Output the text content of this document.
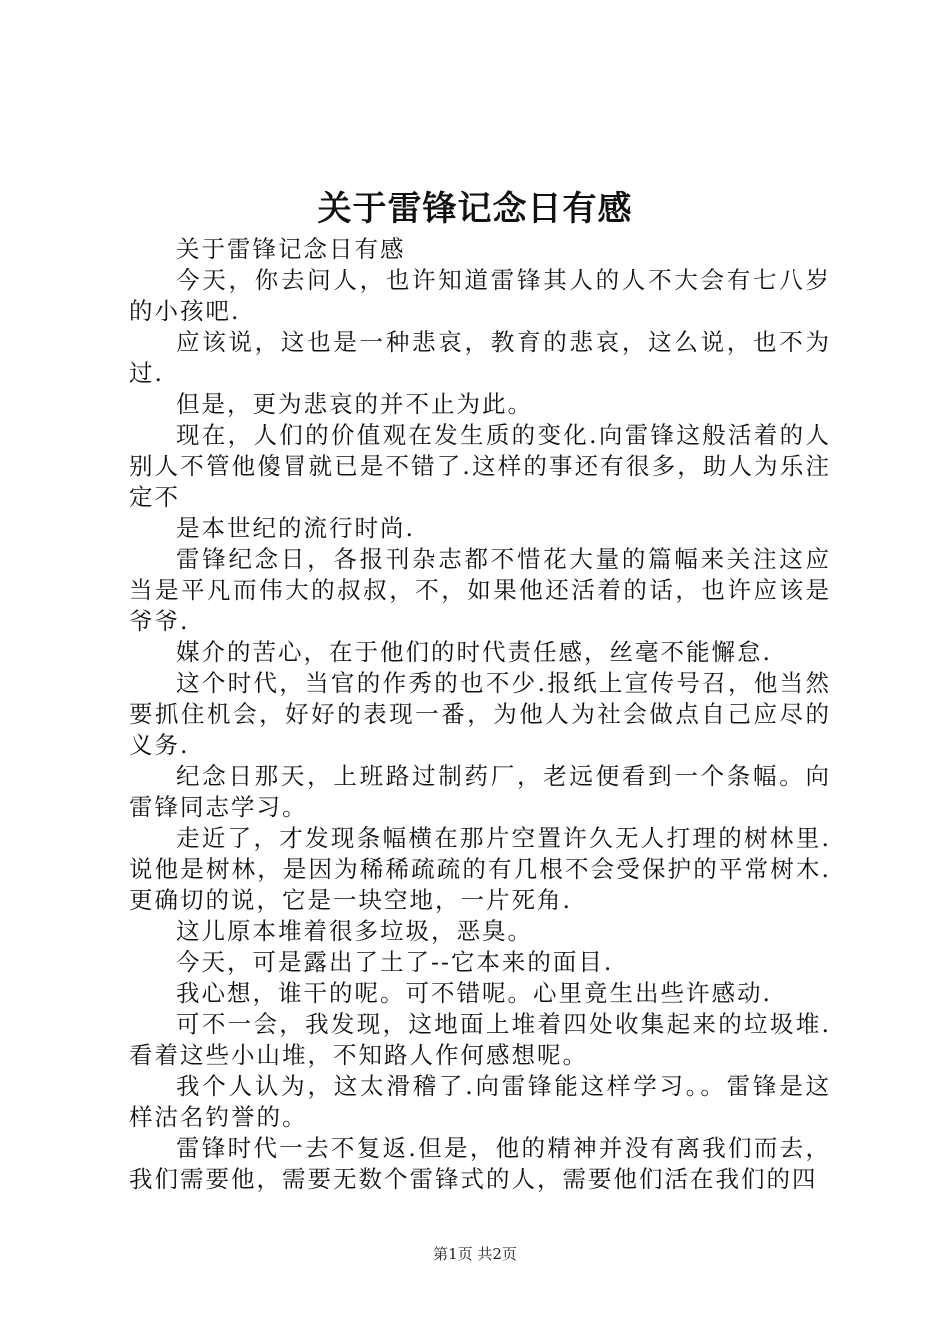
关于雷锋记念日有感

关于雷锋记念日有感

今天，你去问人，也许知道雷锋其人的人不大会有七八岁的小孩吧.

应该说，这也是一种悲哀，教育的悲哀，这么说，也不为过.

但是，更为悲哀的并不止为此。

现在，人们的价值观在发生质的变化.向雷锋这般活着的人别人不管他傻冒就已是不错了.这样的事还有很多，助人为乐注定不

是本世纪的流行时尚.

雷锋纪念日，各报刊杂志都不惜花大量的篇幅来关注这应当是平凡而伟大的叔叔，不，如果他还活着的话，也许应该是爷爷.

媒介的苦心，在于他们的时代责任感，丝毫不能懈怠.

这个时代，当官的作秀的也不少.报纸上宣传号召，他当然要抓住机会，好好的表现一番，为他人为社会做点自己应尽的义务.

纪念日那天，上班路过制药厂，老远便看到一个条幅。向雷锋同志学习。

走近了，才发现条幅横在那片空置许久无人打理的树林里.说他是树林，是因为稀稀疏疏的有几根不会受保护的平常树木.更确切的说，它是一块空地，一片死角.

这儿原本堆着很多垃圾，恶臭。

今天，可是露出了土了--它本来的面目.

我心想，谁干的呢。可不错呢。心里竟生出些许感动.

可不一会，我发现，这地面上堆着四处收集起来的垃圾堆.看着这些小山堆，不知路人作何感想呢。

我个人认为，这太滑稽了.向雷锋能这样学习。。雷锋是这样沽名钓誉的。

雷锋时代一去不复返.但是，他的精神并没有离我们而去，我们需要他，需要无数个雷锋式的人，需要他们活在我们的四

第1页 共2页
